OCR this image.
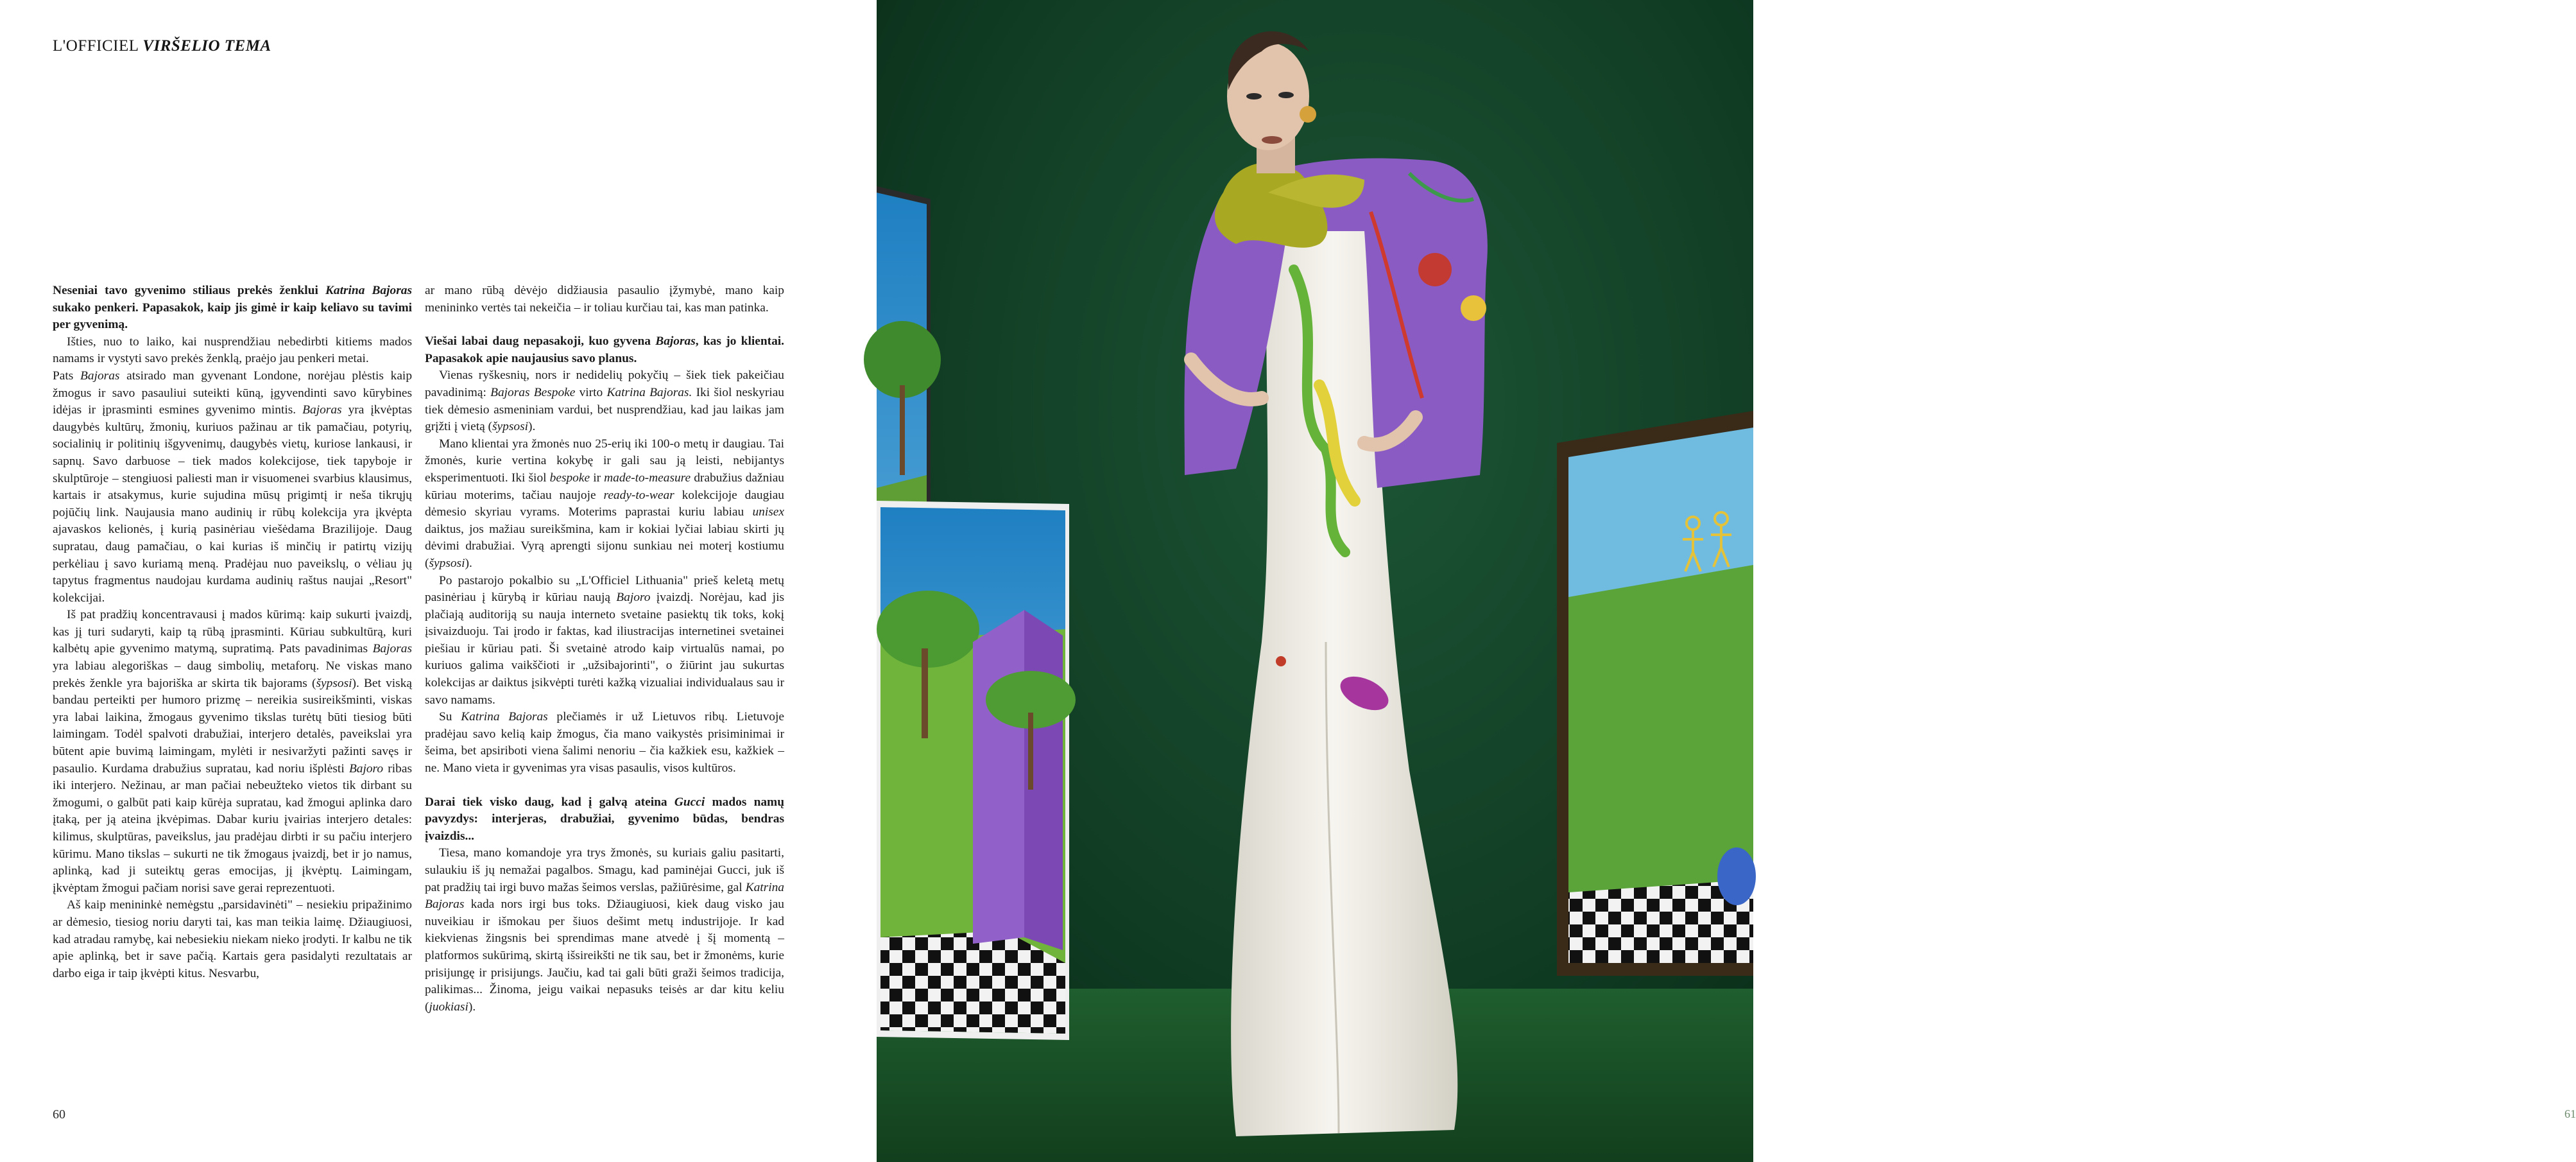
L'OFFICIEL VIRŠELIO TEMA

Neseniai tavo gyvenimo stiliaus prekės ženklui Katrina Bajoras sukako penkeri. Papasakok, kaip jis gimė ir kaip keliavo su tavimi per gyvenimą.

Išties, nuo to laiko, kai nusprendžiau nebedirbti kitiems mados namams ir vystyti savo prekės ženklą, praėjo jau penkeri metai.

Pats Bajoras atsirado man gyvenant Londone, norėjau plėstis kaip žmogus ir savo pasauliui suteikti kūną, įgyvendinti savo kūrybines idėjas ir įprasminti esmines gyvenimo mintis. Bajoras yra įkvėptas daugybės kultūrų, žmonių, kuriuos pažinau ar tik pamačiau, potyrių, socialinių ir politinių išgyvenimų, daugybės vietų, kuriose lankausi, ir sapnų. Savo darbuose – tiek mados kolekcijose, tiek tapyboje ir skulptūroje – stengiuosi paliesti man ir visuomenei svarbius klausimus, kartais ir atsakymus, kurie sujudina mūsų prigimtį ir neša tikrųjų pojūčių link. Naujausia mano audinių ir rūbų kolekcija yra įkvėpta ajavaskos kelionės, į kurią pasinėriau viešėdama Brazilijoje. Daug supratau, daug pamačiau, o kai kurias iš minčių ir patirtų vizijų perkėliau į savo kuriamą meną. Pradėjau nuo paveikslų, o vėliau jų tapytus fragmentus naudojau kurdama audinių raštus naujai „Resort" kolekcijai.

Iš pat pradžių koncentravausi į mados kūrimą: kaip sukurti įvaizdį, kas jį turi sudaryti, kaip tą rūbą įprasminti. Kūriau subkultūrą, kuri kalbėtų apie gyvenimo matymą, supratimą. Pats pavadinimas Bajoras yra labiau alegoriškas – daug simbolių, metaforų. Ne viskas mano prekės ženkle yra bajoriška ar skirta tik bajorams (šypsosi). Bet viską bandau perteikti per humoro prizmę – nereikia susireikšminti, viskas yra labai laikina, žmogaus gyvenimo tikslas turėtų būti tiesiog būti laimingam. Todėl spalvoti drabužiai, interjero detalės, paveikslai yra būtent apie buvimą laimingam, mylėti ir nesivaržyti pažinti savęs ir pasaulio. Kurdama drabužius supratau, kad noriu išplėsti Bajoro ribas iki interjero. Nežinau, ar man pačiai nebeužteko vietos tik dirbant su žmogumi, o galbūt pati kaip kūrėja supratau, kad žmogui aplinka daro įtaką, per ją ateina įkvėpimas. Dabar kuriu įvairias interjero detales: kilimus, skulptūras, paveikslus, jau pradėjau dirbti ir su pačiu interjero kūrimu. Mano tikslas – sukurti ne tik žmogaus įvaizdį, bet ir jo namus, aplinką, kad ji suteiktų geras emocijas, jį įkvėptų. Laimingam, įkvėptam žmogui pačiam norisi save gerai reprezentuoti.

Aš kaip menininkė nemėgstu „parsidavinėti" – nesiekiu pripažinimo ar dėmesio, tiesiog noriu daryti tai, kas man teikia laimę. Džiaugiuosi, kad atradau ramybę, kai nebesiekiu niekam nieko įrodyti. Ir kalbu ne tik apie aplinką, bet ir save pačią. Kartais gera pasidalyti rezultatais ar darbo eiga ir taip įkvėpti kitus. Nesvarbu,

ar mano rūbą dėvėjo didžiausia pasaulio įžymybė, mano kaip menininko vertės tai nekeičia – ir toliau kurčiau tai, kas man patinka.

Viešai labai daug nepasakoji, kuo gyvena Bajoras, kas jo klientai. Papasakok apie naujausius savo planus.

Vienas ryškesnių, nors ir nedidelių pokyčių – šiek tiek pakeičiau pavadinimą: Bajoras Bespoke virto Katrina Bajoras. Iki šiol neskyriau tiek dėmesio asmeniniam vardui, bet nusprendžiau, kad jau laikas jam grįžti į vietą (šypsosi).

Mano klientai yra žmonės nuo 25-erių iki 100-o metų ir daugiau. Tai žmonės, kurie vertina kokybę ir gali sau ją leisti, nebijantys eksperimentuoti. Iki šiol bespoke ir made-to-measure drabužius dažniau kūriau moterims, tačiau naujoje ready-to-wear kolekcijoje daugiau dėmesio skyriau vyrams. Moterims paprastai kuriu labiau unisex daiktus, jos mažiau sureikšmina, kam ir kokiai lyčiai labiau skirti jų dėvimi drabužiai. Vyrą aprengti sijonu sunkiau nei moterį kostiumu (šypsosi).

Po pastarojo pokalbio su „L'Officiel Lithuania" prieš keletą metų pasinėriau į kūrybą ir kūriau naują Bajoro įvaizdį. Norėjau, kad jis plačiają auditoriją su nauja interneto svetaine pasiektų tik toks, kokį įsivaizduoju. Tai įrodo ir faktas, kad iliustracijas internetinei svetainei piešiau ir kūriau pati. Ši svetainė atrodo kaip virtualūs namai, po kuriuos galima vaikščioti ir „užsibajorinti", o žiūrint jau sukurtas kolekcijas ar daiktus įsikvėpti turėti kažką vizualiai individualaus sau ir savo namams.

Su Katrina Bajoras plečiamės ir už Lietuvos ribų. Lietuvoje pradėjau savo kelią kaip žmogus, čia mano vaikystės prisiminimai ir šeima, bet apsiriboti viena šalimi nenoriu – čia kažkiek esu, kažkiek – ne. Mano vieta ir gyvenimas yra visas pasaulis, visos kultūros.

Darai tiek visko daug, kad į galvą ateina Gucci mados namų pavyzdys: interjeras, drabužiai, gyvenimo būdas, bendras įvaizdis...

Tiesa, mano komandoje yra trys žmonės, su kuriais galiu pasitarti, sulaukiu iš jų nemažai pagalbos. Smagu, kad paminėjai Gucci, juk iš pat pradžių tai irgi buvo mažas šeimos verslas, pažiūrėsime, gal Katrina Bajoras kada nors irgi bus toks. Džiaugiuosi, kiek daug visko jau nuveikiau ir išmokau per šiuos dešimt metų industrijoje. Ir kad kiekvienas žingsnis bei sprendimas mane atvedė į šį momentą – platformos sukūrimą, skirtą išsireikšti ne tik sau, bet ir žmonėms, kurie prisijungę ir prisijungs. Jaučiu, kad tai gali būti graži šeimos tradicija, palikimas... Žinoma, jeigu vaikai nepasuks teisės ar dar kitu keliu (juokiasi).

60	61
